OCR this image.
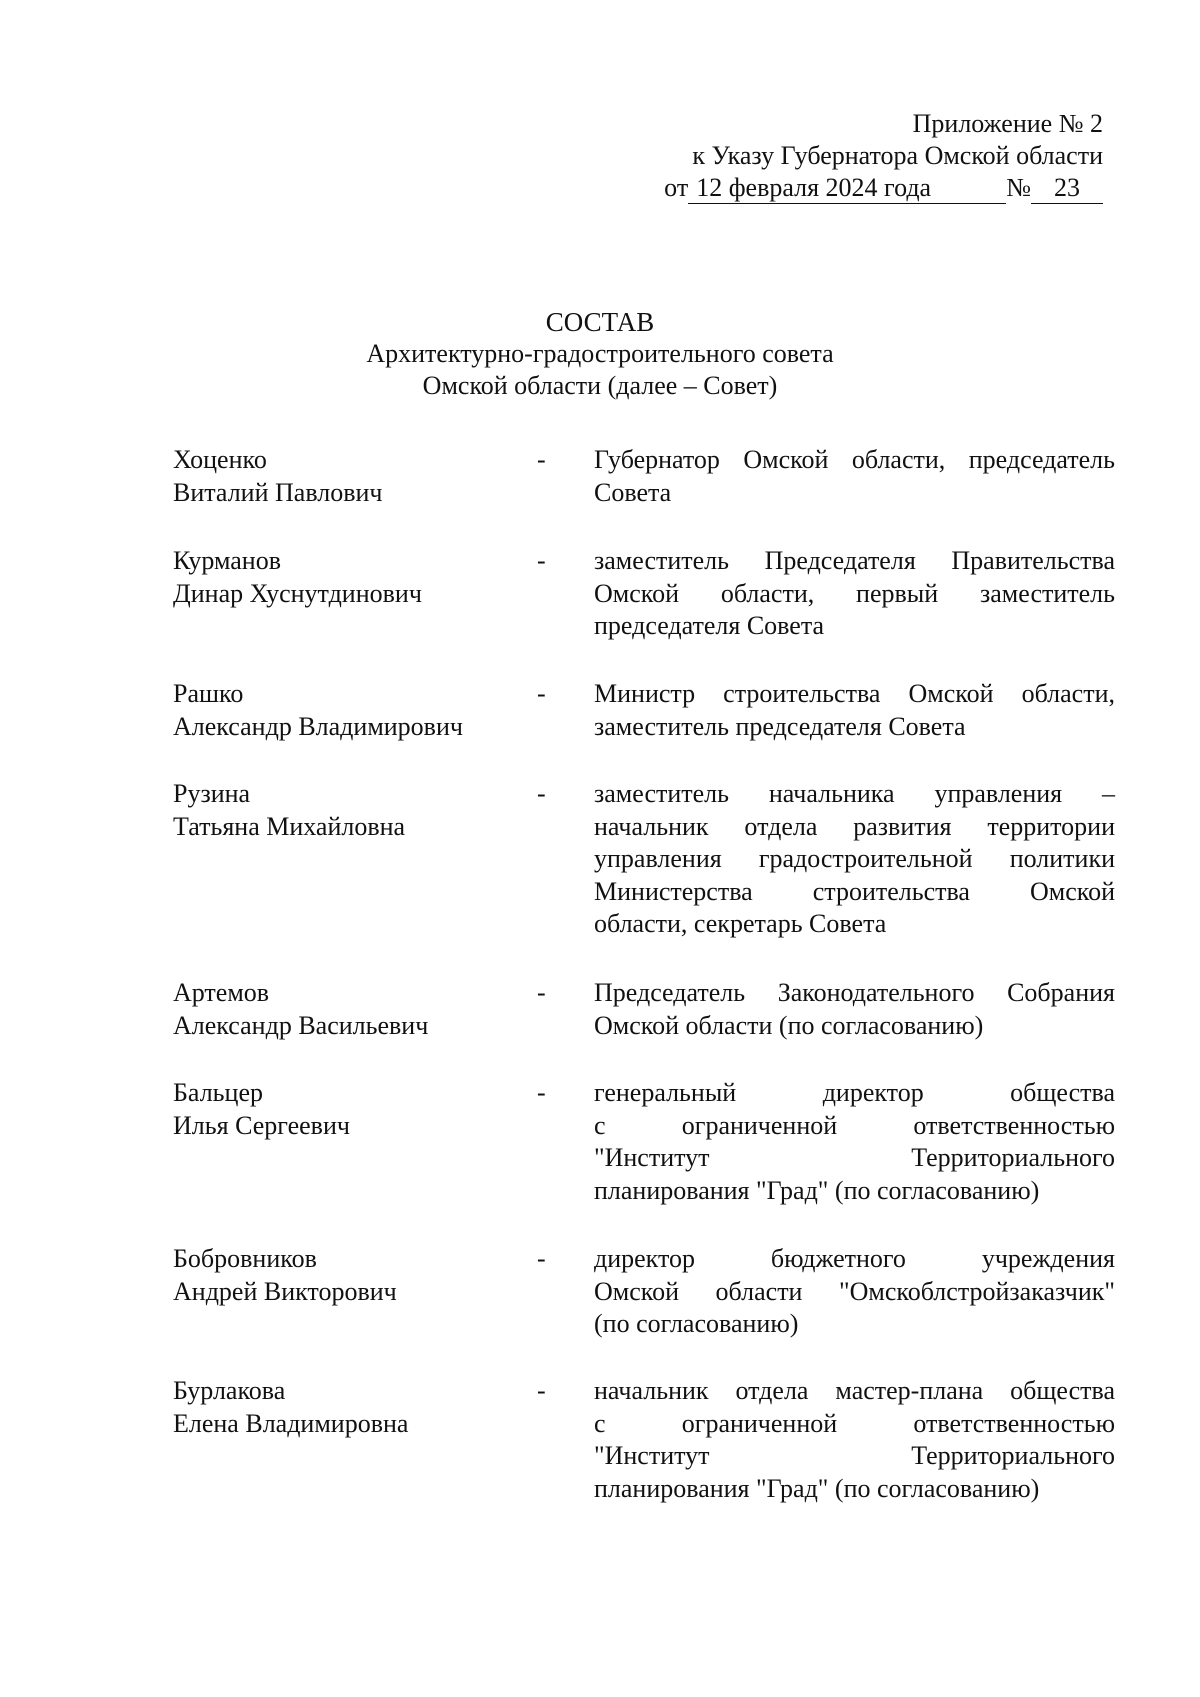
Приложение № 2
к Указу Губернатора Омской области
от 12 февраля 2024 года	№ 23
СОСТАВ
Архитектурно-градостроительного совета
Омской области (далее – Совет)
Хоценко
Виталий Павлович
- Губернатор Омской области, председатель
Совета
Курманов
Динар Хуснутдинович
- заместитель Председателя Правительства
Омской области, первый заместитель
председателя Совета
Рашко
Александр Владимирович
- Министр строительства Омской области,
заместитель председателя Совета
Рузина
Татьяна Михайловна
- заместитель начальника управления –
начальник отдела развития территории
управления градостроительной политики
Министерства строительства Омской
области, секретарь Совета
Артемов
Александр Васильевич
- Председатель Законодательного Собрания
Омской области (по согласованию)
Бальцер
Илья Сергеевич
- генеральный директор общества
с ограниченной ответственностью
"Институт Территориального
планирования "Град" (по согласованию)
Бобровников
Андрей Викторович
- директор бюджетного учреждения
Омской области "Омскоблстройзаказчик"
(по согласованию)
Бурлакова
Елена Владимировна
- начальник отдела мастер-плана общества
с ограниченной ответственностью
"Институт Территориального
планирования "Град" (по согласованию)
